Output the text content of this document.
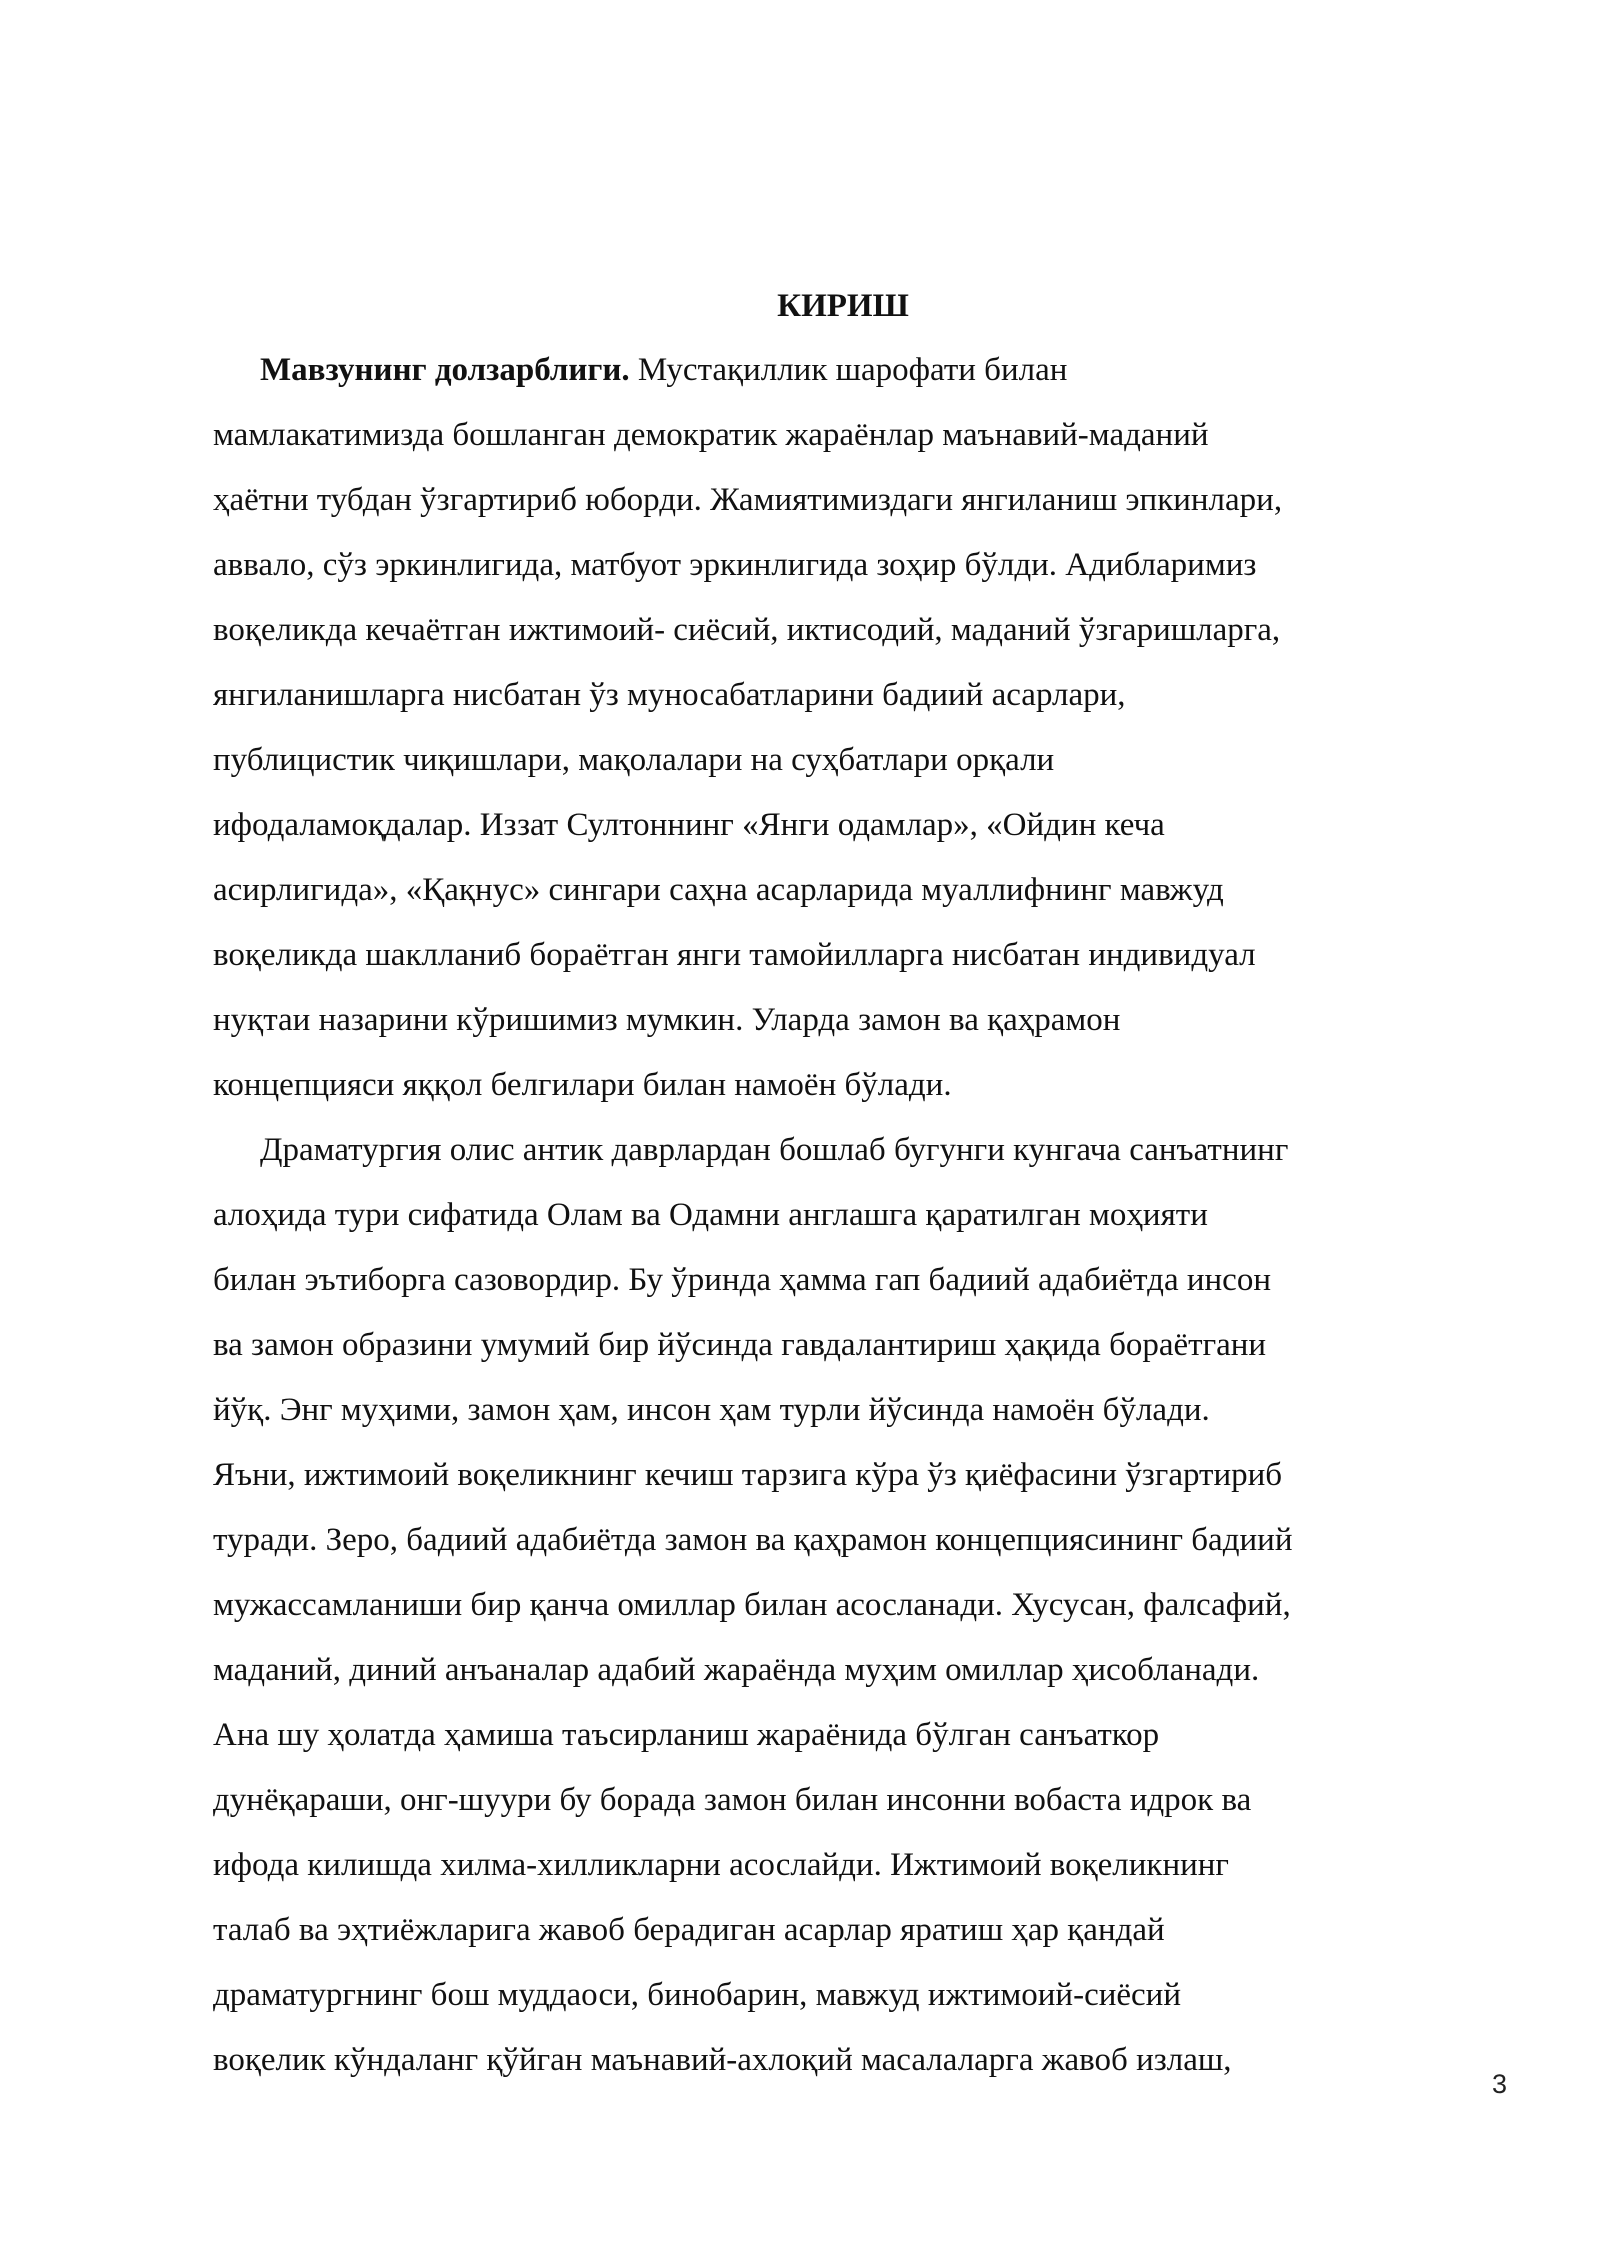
КИРИШ

Мавзунинг долзарблиги. Мустақиллик шарофати билан

мамлакатимизда бошланган демократик жараёнлар маънавий-маданий

ҳаётни тубдан ўзгартириб юборди. Жамиятимиздаги янгиланиш эпкинлари,

аввало, сўз эркинлигида, матбуот эркинлигида зоҳир бўлди. Адибларимиз

воқеликда кечаётган ижтимоий- сиёсий, иктисодий, маданий ўзгаришларга,

янгиланишларга нисбатан ўз муносабатларини бадиий асарлари,

публицистик чиқишлари, мақолалари на суҳбатлари орқали

ифодаламоқдалар. Иззат Султоннинг «Янги одамлар», «Ойдин кеча

асирлигида», «Қақнус» сингари саҳна асарларида муаллифнинг мавжуд

воқеликда шаклланиб бораётган янги тамойилларга нисбатан индивидуал

нуқтаи назарини кўришимиз мумкин. Уларда замон ва қаҳрамон

концепцияси яққол белгилари билан намоён бўлади.

Драматургия олис антик даврлардан бошлаб бугунги кунгача санъатнинг

алоҳида тури сифатида Олам ва Одамни англашга қаратилган моҳияти

билан эътиборга сазовордир. Бу ўринда ҳамма гап бадиий адабиётда инсон

ва замон образини умумий бир йўсинда гавдалантириш ҳақида бораётгани

йўқ. Энг муҳими, замон ҳам, инсон ҳам турли йўсинда намоён бўлади.

Яъни, ижтимоий воқеликнинг кечиш тарзига кўра ўз қиёфасини ўзгартириб

туради. Зеро, бадиий адабиётда замон ва қаҳрамон концепциясининг бадиий

мужассамланиши бир қанча омиллар билан асосланади. Хусусан, фалсафий,

маданий, диний анъаналар адабий жараёнда муҳим омиллар ҳисобланади.

Ана шу ҳолатда ҳамиша таъсирланиш жараёнида бўлган санъаткор

дунёқараши, онг-шуури бу борада замон билан инсонни вобаста идрок ва

ифода килишда хилма-хилликларни асослайди. Ижтимоий воқеликнинг

талаб ва эҳтиёжларига жавоб берадиган асарлар яратиш ҳар қандай

драматургнинг бош муддаоси, бинобарин, мавжуд ижтимоий-сиёсий

воқелик кўндаланг қўйган маънавий-ахлоқий масалаларга жавоб излаш,

3
